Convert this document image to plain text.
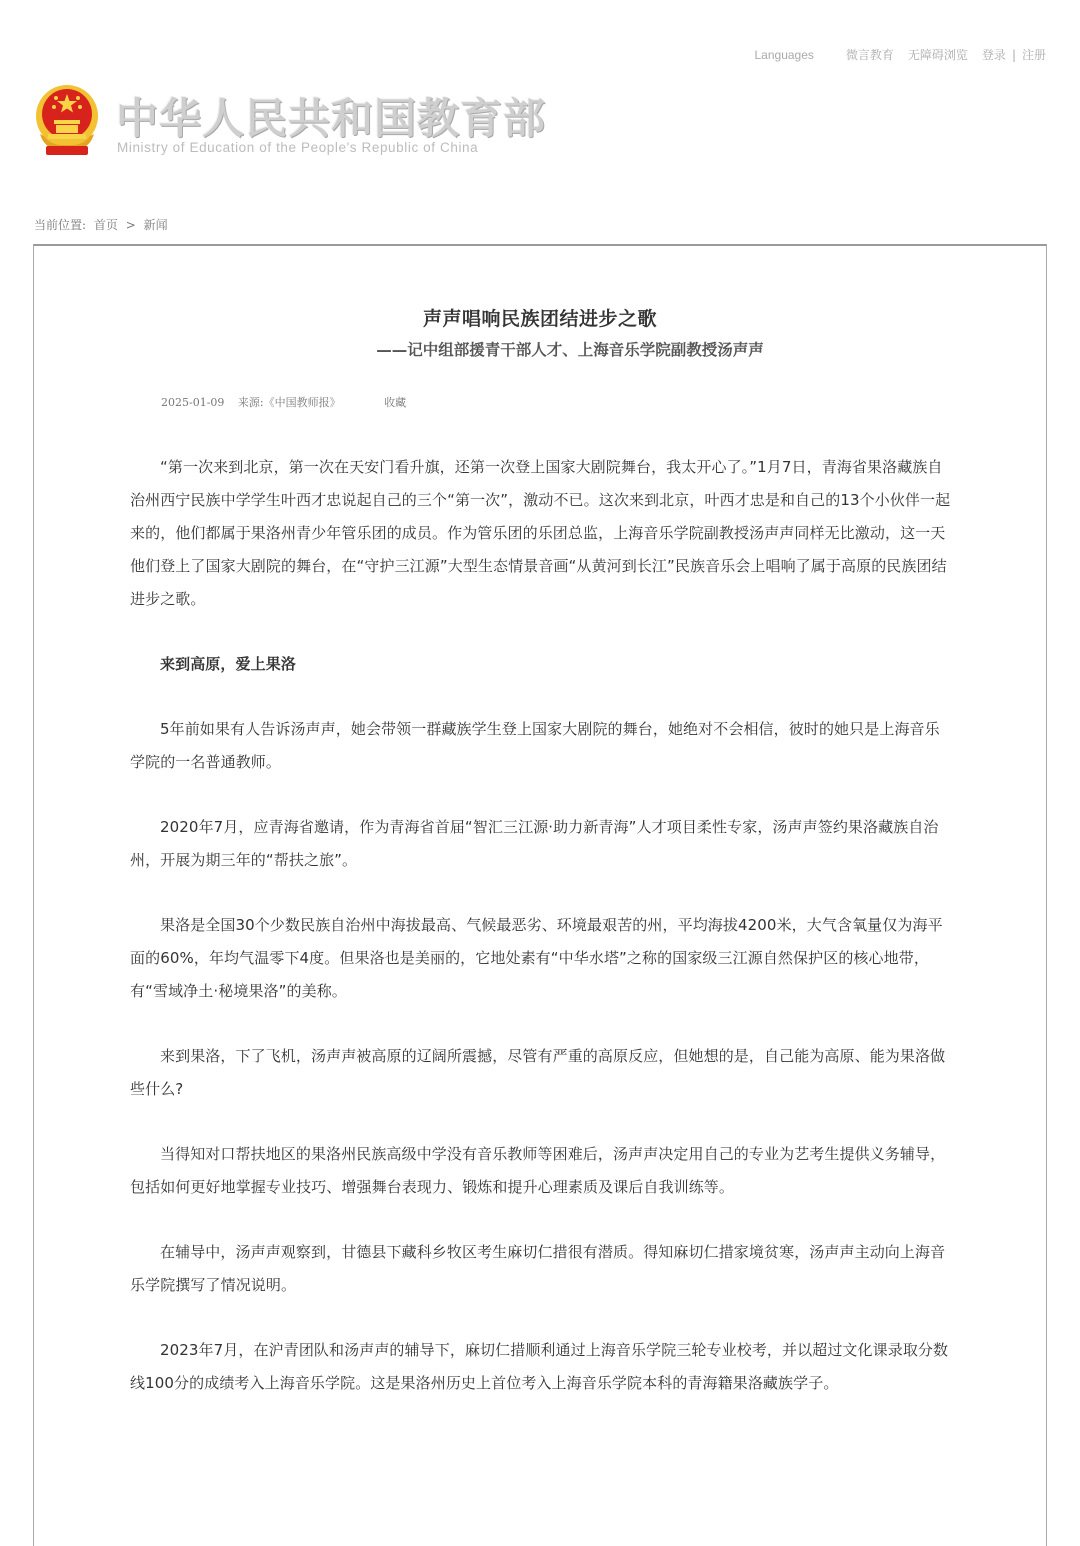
Languages	微言教育 无障碍浏览 登录 | 注册
中华人民共和国教育部
Ministry of Education of the People's Republic of China
当前位置: 首页 > 新闻
声声唱响民族团结进步之歌
——记中组部援青干部人才、上海音乐学院副教授汤声声
2025-01-09 来源:《中国教师报》	收藏

“第一次来到北京，第一次在天安门看升旗，还第一次登上国家大剧院舞台，我太开心了。”1月7日，青海省果洛藏族自治州西宁民族中学学生叶西才忠说起自己的三个“第一次”，激动不已。这次来到北京，叶西才忠是和自己的13个小伙伴一起来的，他们都属于果洛州青少年管乐团的成员。作为管乐团的乐团总监，上海音乐学院副教授汤声声同样无比激动，这一天他们登上了国家大剧院的舞台，在“守护三江源”大型生态情景音画“从黄河到长江”民族音乐会上唱响了属于高原的民族团结进步之歌。

来到高原，爱上果洛

5年前如果有人告诉汤声声，她会带领一群藏族学生登上国家大剧院的舞台，她绝对不会相信，彼时的她只是上海音乐学院的一名普通教师。

2020年7月，应青海省邀请，作为青海省首届“智汇三江源·助力新青海”人才项目柔性专家，汤声声签约果洛藏族自治州，开展为期三年的“帮扶之旅”。

果洛是全国30个少数民族自治州中海拔最高、气候最恶劣、环境最艰苦的州，平均海拔4200米，大气含氧量仅为海平面的60%，年均气温零下4度。但果洛也是美丽的，它地处素有“中华水塔”之称的国家级三江源自然保护区的核心地带，有“雪域净土·秘境果洛”的美称。

来到果洛，下了飞机，汤声声被高原的辽阔所震撼，尽管有严重的高原反应，但她想的是，自己能为高原、能为果洛做些什么?

当得知对口帮扶地区的果洛州民族高级中学没有音乐教师等困难后，汤声声决定用自己的专业为艺考生提供义务辅导，包括如何更好地掌握专业技巧、增强舞台表现力、锻炼和提升心理素质及课后自我训练等。

在辅导中，汤声声观察到，甘德县下藏科乡牧区考生麻切仁措很有潜质。得知麻切仁措家境贫寒，汤声声主动向上海音乐学院撰写了情况说明。

2023年7月，在沪青团队和汤声声的辅导下，麻切仁措顺利通过上海音乐学院三轮专业校考，并以超过文化课录取分数线100分的成绩考入上海音乐学院。这是果洛州历史上首位考入上海音乐学院本科的青海籍果洛藏族学子。
